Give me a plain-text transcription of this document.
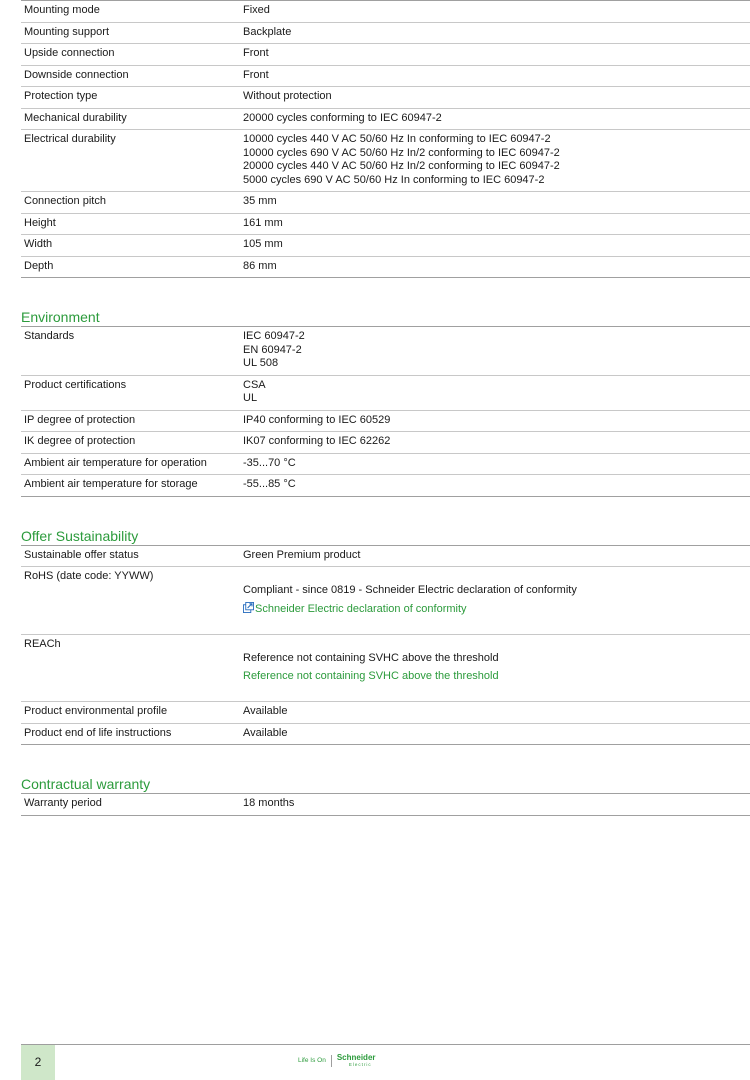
Mounting mode	Fixed
Mounting support	Backplate
Upside connection	Front
Downside connection	Front
Protection type	Without protection
Mechanical durability	20000 cycles conforming to IEC 60947-2
Electrical durability	10000 cycles 440 V AC 50/60 Hz In conforming to IEC 60947-2
10000 cycles 690 V AC 50/60 Hz In/2 conforming to IEC 60947-2
20000 cycles 440 V AC 50/60 Hz In/2 conforming to IEC 60947-2
5000 cycles 690 V AC 50/60 Hz In conforming to IEC 60947-2
Connection pitch	35 mm
Height	161 mm
Width	105 mm
Depth	86 mm
Environment
Standards	IEC 60947-2
EN 60947-2
UL 508
Product certifications	CSA
UL
IP degree of protection	IP40 conforming to IEC 60529
IK degree of protection	IK07 conforming to IEC 62262
Ambient air temperature for operation	-35...70 °C
Ambient air temperature for storage	-55...85 °C
Offer Sustainability
Sustainable offer status	Green Premium product
RoHS (date code: YYWW)	Compliant - since 0819 - Schneider Electric declaration of conformity

Schneider Electric declaration of conformity

REACh	Reference not containing SVHC above the threshold

Reference not containing SVHC above the threshold

Product environmental profile	Available
Product end of life instructions	Available
Contractual warranty
Warranty period	18 months
2	Life Is On Schneider
Electric
